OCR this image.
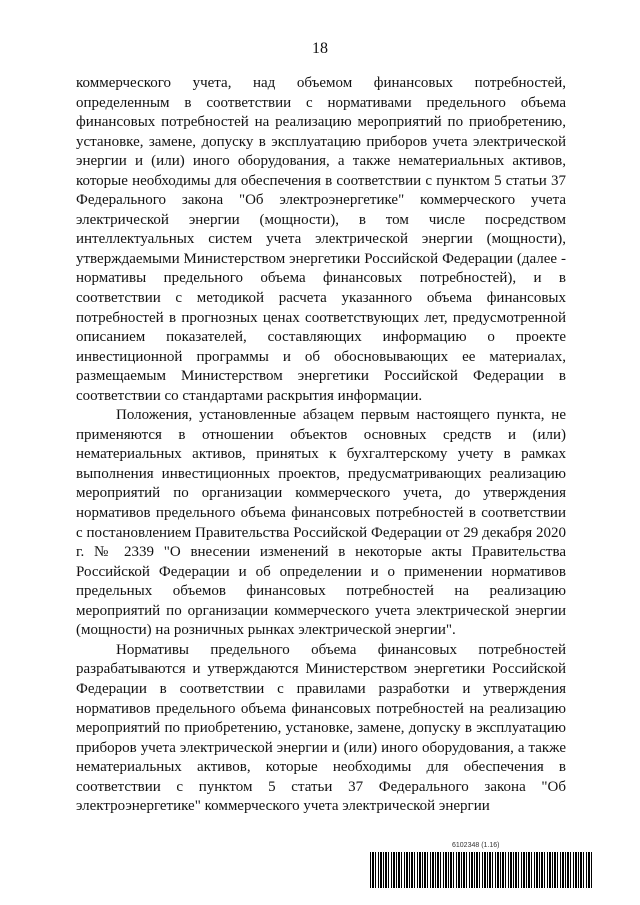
18

коммерческого учета, над объемом финансовых потребностей, определенным в соответствии с нормативами предельного объема финансовых потребностей на реализацию мероприятий по приобретению, установке, замене, допуску в эксплуатацию приборов учета электрической энергии и (или) иного оборудования, а также нематериальных активов, которые необходимы для обеспечения в соответствии с пунктом 5 статьи 37 Федерального закона "Об электроэнергетике" коммерческого учета электрической энергии (мощности), в том числе посредством интеллектуальных систем учета электрической энергии (мощности), утверждаемыми Министерством энергетики Российской Федерации (далее - нормативы предельного объема финансовых потребностей), и в соответствии с методикой расчета указанного объема финансовых потребностей в прогнозных ценах соответствующих лет, предусмотренной описанием показателей, составляющих информацию о проекте инвестиционной программы и об обосновывающих ее материалах, размещаемым Министерством энергетики Российской Федерации в соответствии со стандартами раскрытия информации.

Положения, установленные абзацем первым настоящего пункта, не применяются в отношении объектов основных средств и (или) нематериальных активов, принятых к бухгалтерскому учету в рамках выполнения инвестиционных проектов, предусматривающих реализацию мероприятий по организации коммерческого учета, до утверждения нормативов предельного объема финансовых потребностей в соответствии с постановлением Правительства Российской Федерации от 29 декабря 2020 г. № 2339 "О внесении изменений в некоторые акты Правительства Российской Федерации и об определении и о применении нормативов предельных объемов финансовых потребностей на реализацию мероприятий по организации коммерческого учета электрической энергии (мощности) на розничных рынках электрической энергии".

Нормативы предельного объема финансовых потребностей разрабатываются и утверждаются Министерством энергетики Российской Федерации в соответствии с правилами разработки и утверждения нормативов предельного объема финансовых потребностей на реализацию мероприятий по приобретению, установке, замене, допуску в эксплуатацию приборов учета электрической энергии и (или) иного оборудования, а также нематериальных активов, которые необходимы для обеспечения в соответствии с пунктом 5 статьи 37 Федерального закона "Об электроэнергетике" коммерческого учета электрической энергии

6102348 (1.16)
